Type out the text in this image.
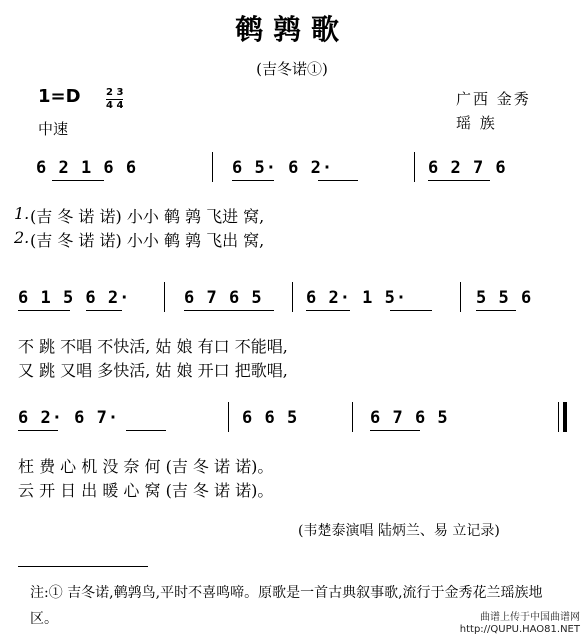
鹌鹑歌
(吉冬诺①)
1=D	2 3
4 4
中速
广西 金秀
瑶 族
6 2 1 6 6	6 5· 6 2·	6 2 7 6
1. (吉 冬 诺 诺) 小小 鹌 鹑 飞进 窝,
2. (吉 冬 诺 诺) 小小 鹌 鹑 飞出 窝,
6 1 5 6 2·	6 7 6 5	6 2· 1 5·	5 5 6
不 跳 不唱 不快活, 姑 娘 有口 不能唱,
又 跳 又唱 多快活, 姑 娘 开口 把歌唱,
6 2· 6 7·	6 6 5	6 7 6 5
枉 费 心 机 没 奈 何 (吉 冬 诺 诺)。
云 开 日 出 暖 心 窝 (吉 冬 诺 诺)。
(韦楚泰演唱 陆炳兰、易 立记录)
注:① 吉冬诺,鹌鹑鸟,平时不喜鸣啼。原歌是一首古典叙事歌,流行于金秀花兰瑶族地区。	曲谱上传于中国曲谱网
http://QUPU.HAO81.NET
